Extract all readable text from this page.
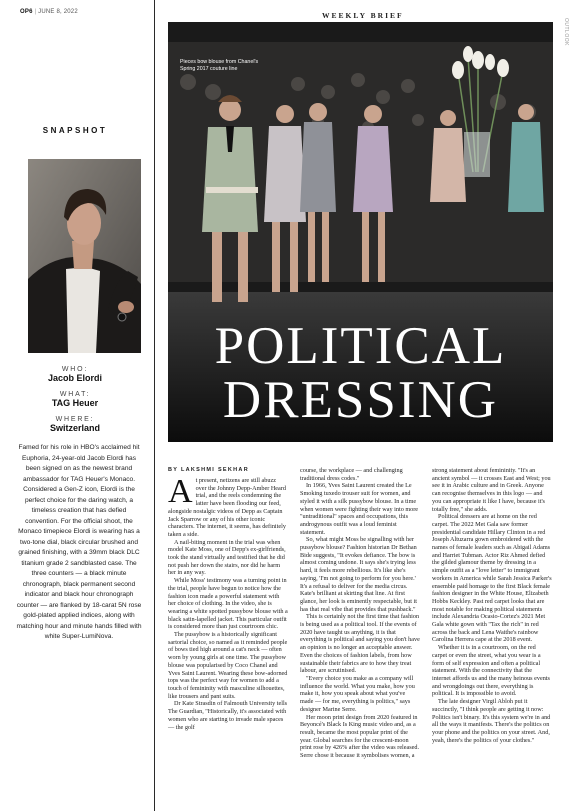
OP6 | JUNE 8, 2022
SNAPSHOT
WHO:
Jacob Elordi
WHAT:
TAG Heuer
WHERE:
Switzerland
Famed for his role in HBO's acclaimed hit Euphoria, 24-year-old Jacob Elordi has been signed on as the newest brand ambassador for TAG Heuer's Monaco. Considered a Gen-Z icon, Elordi is the perfect choice for the daring watch, a timeless creation that has defied convention. For the official shoot, the Monaco timepiece Elordi is wearing has a two-tone dial, black circular brushed and grained finishing, with a 39mm black DLC titanium grade 2 sandblasted case. The three counters — a black minute chronograph, black permanent second indicator and black hour chronograph counter — are flanked by 18-carat 5N rose gold-plated applied indices, along with matching hour and minute hands filled with white Super-LumiNova.
WEEKLY BRIEF
OUTLOOK
Pieces bow blouse from Chanel's Spring 2017 couture line
POLITICAL
DRESSING
BY LAKSHMI SEKHAR
A t present, netizens are still abuzz over the Johnny Depp-Amber Heard trial, and the reels condemning the latter have been flooding our feed, alongside nostalgic videos of Depp as Captain Jack Sparrow or any of his other iconic characters. The internet, it seems, has definitely taken a side.

A nail-biting moment in the trial was when model Kate Moss, one of Depp's ex-girlfriends, took the stand virtually and testified that he did not push her down the stairs, nor did he harm her in any way.

While Moss' testimony was a turning point in the trial, people have begun to notice how the fashion icon made a powerful statement with her choice of clothing. In the video, she is wearing a white spotted pussybow blouse with a black satin-lapelled jacket. This particular outfit is considered more than just courtroom chic.

The pussybow is a historically significant sartorial choice, so named as it reminded people of bows tied high around a cat's neck — often worn by young girls at one time. The pussybow blouse was popularised by Coco Chanel and Yves Saint Laurent. Wearing these bow-adorned tops was the perfect way for women to add a touch of femininity with masculine silhouettes, like trousers and pant suits.

Dr Kate Strasdin of Falmouth University tells The Guardian, "Historically, it's associated with women who are starting to invade male spaces — the golf

course, the workplace — and challenging traditional dress codes."

In 1966, Yves Saint Laurent created the Le Smoking tuxedo trouser suit for women, and styled it with a silk pussybow blouse. In a time when women were fighting their way into more "untraditional" spaces and occupations, this androgynous outfit was a loud feminist statement.

So, what might Moss be signalling with her pussybow blouse? Fashion historian Dr Bethan Bide suggests, "It evokes defiance. The bow is almost coming undone. It says she's trying less hard, it feels more rebellious. It's like she's saying, 'I'm not going to perform for you here.' It's a refusal to deliver for the media circus. Kate's brilliant at skirting that line. At first glance, her look is eminently respectable, but it has that real vibe that provides that pushback."

This is certainly not the first time that fashion is being used as a political tool. If the events of 2020 have taught us anything, it is that everything is political and saying you don't have an opinion is no longer an acceptable answer. Even the choices of fashion labels, from how sustainable their fabrics are to how they treat labour, are scrutinised.

"Every choice you make as a company will influence the world. What you make, how you make it, how you speak about what you've made — for me, everything is politics," says designer Marine Serre.

Her moon print design from 2020 featured in Beyoncé's Black Is King music video and, as a result, became the most popular print of the year. Global searches for the crescent-moon print rose by 426% after the video was released. Serre chose it because it symbolises women, a

strong statement about femininity. "It's an ancient symbol — it crosses East and West; you see it in Arabic culture and in Greek. Anyone can recognise themselves in this logo — and you can appropriate it like I have, because it's totally free," she adds.

Political dressers are at home on the red carpet. The 2022 Met Gala saw former presidential candidate Hillary Clinton in a red Joseph Altuzarra gown embroidered with the names of female leaders such as Abigail Adams and Harriet Tubman. Actor Riz Ahmed defied the gilded glamour theme by dressing in a simple outfit as a "love letter" to immigrant workers in America while Sarah Jessica Parker's ensemble paid homage to the first Black female fashion designer in the White House, Elizabeth Hobbs Keckley. Past red carpet looks that are most notable for making political statements include Alexandria Ocasio-Cortez's 2021 Met Gala white gown with "Tax the rich" in red across the back and Lena Waithe's rainbow Carolina Herrera cape at the 2018 event.

Whether it is in a courtroom, on the red carpet or even the street, what you wear is a form of self expression and often a political statement. With the connectivity that the internet affords us and the many heinous events and wrongdoings out there, everything is political. It is impossible to avoid.

The late designer Virgil Abloh put it succinctly, "I think people are getting it now: Politics isn't binary. It's this system we're in and all the ways it manifests. There's the politics on your phone and the politics on your street. And, yeah, there's the politics of your clothes."
